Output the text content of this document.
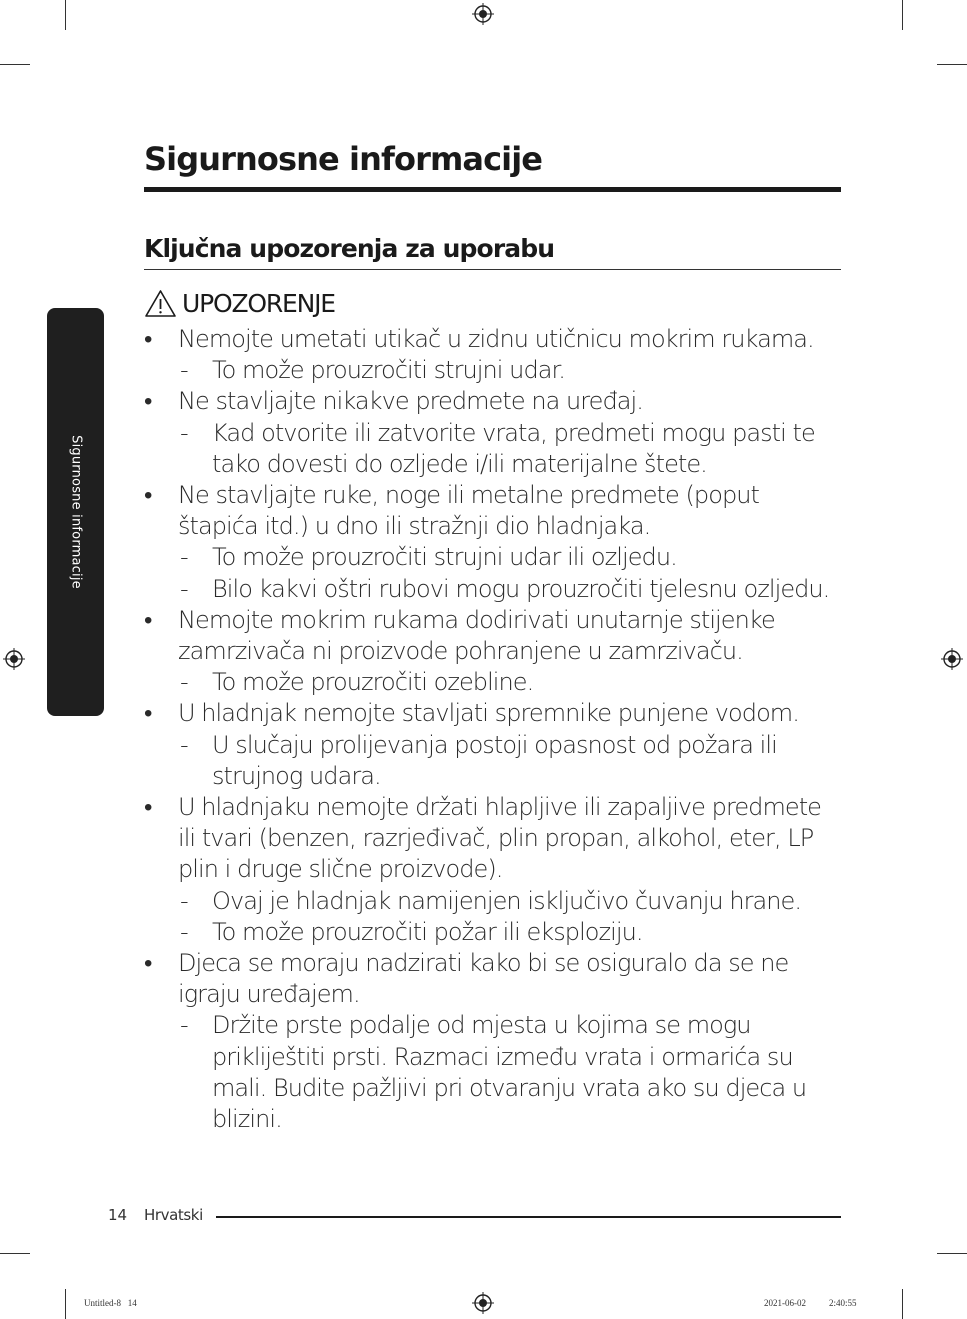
Sigurnosne informacije
Sigurnosne informacije
Ključna upozorenja za uporabu
UPOZORENJE
• Nemojte umetati utikač u zidnu utičnicu mokrim rukama.
- To može prouzročiti strujni udar.
• Ne stavljajte nikakve predmete na uređaj.
- Kad otvorite ili zatvorite vrata, predmeti mogu pasti te tako dovesti do ozljede i/ili materijalne štete.
• Ne stavljajte ruke, noge ili metalne predmete (poput štapića itd.) u dno ili stražnji dio hladnjaka.
- To može prouzročiti strujni udar ili ozljedu.
- Bilo kakvi oštri rubovi mogu prouzročiti tjelesnu ozljedu.
• Nemojte mokrim rukama dodirivati unutarnje stijenke zamrzivača ni proizvode pohranjene u zamrzivaču.
- To može prouzročiti ozebline.
• U hladnjak nemojte stavljati spremnike punjene vodom.
- U slučaju prolijevanja postoji opasnost od požara ili strujnog udara.
• U hladnjaku nemojte držati hlapljive ili zapaljive predmete ili tvari (benzen, razrjeđivač, plin propan, alkohol, eter, LP plin i druge slične proizvode).
- Ovaj je hladnjak namijenjen isključivo čuvanju hrane.
- To može prouzročiti požar ili eksploziju.
• Djeca se moraju nadzirati kako bi se osiguralo da se ne igraju uređajem.
- Držite prste podalje od mjesta u kojima se mogu prikliještiti prsti. Razmaci između vrata i ormarića su mali. Budite pažljivi pri otvaranju vrata ako su djeca u blizini.
14 Hrvatski
Untitled-8   14	2021-06-02   ￿￿ 2:40:55
